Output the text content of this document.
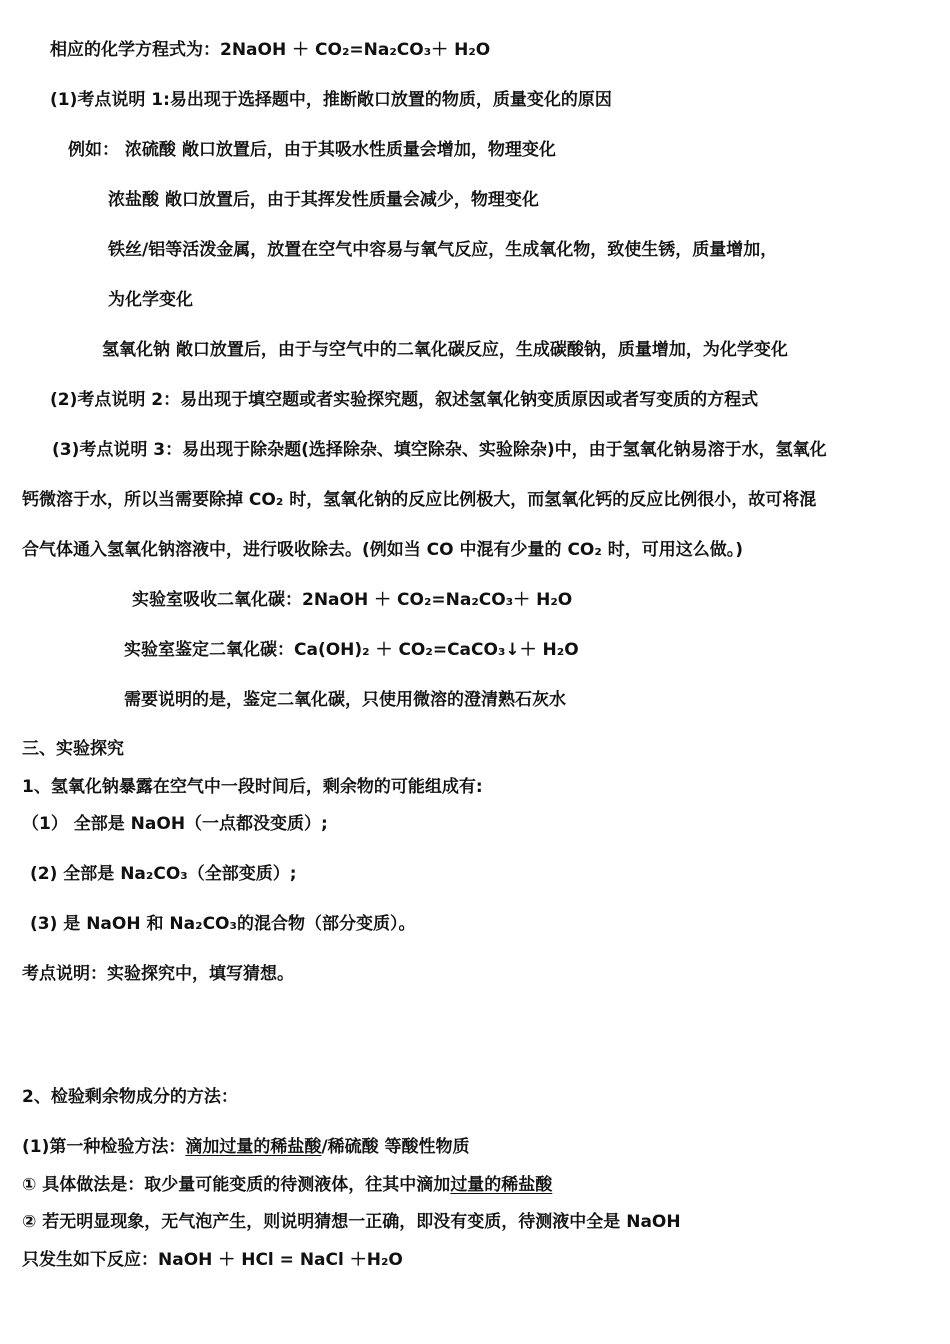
相应的化学方程式为：2NaOH ＋ CO₂=Na₂CO₃＋ H₂O
(1)考点说明 1:易出现于选择题中，推断敞口放置的物质，质量变化的原因
例如： 浓硫酸 敞口放置后，由于其吸水性质量会增加，物理变化
浓盐酸 敞口放置后，由于其挥发性质量会减少，物理变化
铁丝/铝等活泼金属，放置在空气中容易与氧气反应，生成氧化物，致使生锈，质量增加，
为化学变化
氢氧化钠 敞口放置后，由于与空气中的二氧化碳反应，生成碳酸钠，质量增加，为化学变化
(2)考点说明 2：易出现于填空题或者实验探究题，叙述氢氧化钠变质原因或者写变质的方程式
(3)考点说明 3：易出现于除杂题(选择除杂、填空除杂、实验除杂)中，由于氢氧化钠易溶于水，氢氧化
钙微溶于水，所以当需要除掉 CO₂ 时，氢氧化钠的反应比例极大，而氢氧化钙的反应比例很小，故可将混
合气体通入氢氧化钠溶液中，进行吸收除去。(例如当 CO 中混有少量的 CO₂ 时，可用这么做。)
实验室吸收二氧化碳：2NaOH ＋ CO₂=Na₂CO₃＋ H₂O
实验室鉴定二氧化碳：Ca(OH)₂ ＋ CO₂=CaCO₃↓＋ H₂O
需要说明的是，鉴定二氧化碳，只使用微溶的澄清熟石灰水
三、实验探究
1、氢氧化钠暴露在空气中一段时间后，剩余物的可能组成有:
（1） 全部是 NaOH（一点都没变质）;
(2) 全部是 Na₂CO₃（全部变质）;
(3) 是 NaOH 和 Na₂CO₃的混合物（部分变质）。
考点说明：实验探究中，填写猜想。
2、检验剩余物成分的方法：
(1)第一种检验方法：滴加过量的稀盐酸/稀硫酸 等酸性物质
① 具体做法是：取少量可能变质的待测液体，往其中滴加过量的稀盐酸
② 若无明显现象，无气泡产生，则说明猜想一正确，即没有变质，待测液中全是 NaOH
只发生如下反应：NaOH ＋ HCl = NaCl ＋H₂O
